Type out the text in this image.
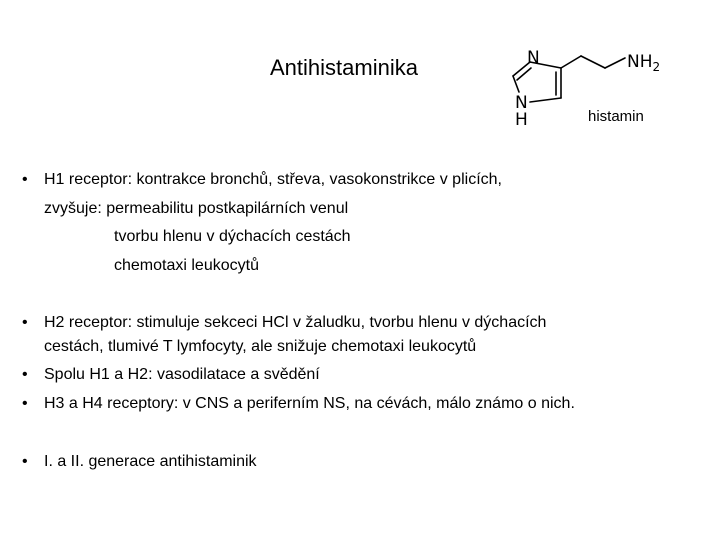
Antihistaminika	N
N
H
$NH_2$
histamin
• H1 receptor: kontrakce bronchů, střeva, vasokonstrikce v plicích,
zvyšuje: permeabilitu postkapilárních venul
tvorbu hlenu v dýchacích cestách
chemotaxi leukocytů
• H2 receptor: stimuluje sekceci HCl v žaludku, tvorbu hlenu v dýchacích
cestách, tlumivé T lymfocyty, ale snižuje chemotaxi leukocytů
• Spolu H1 a H2: vasodilatace a svědění
• H3 a H4 receptory: v CNS a periferním NS, na cévách, málo známo o nich.
• I. a II. generace antihistaminik
